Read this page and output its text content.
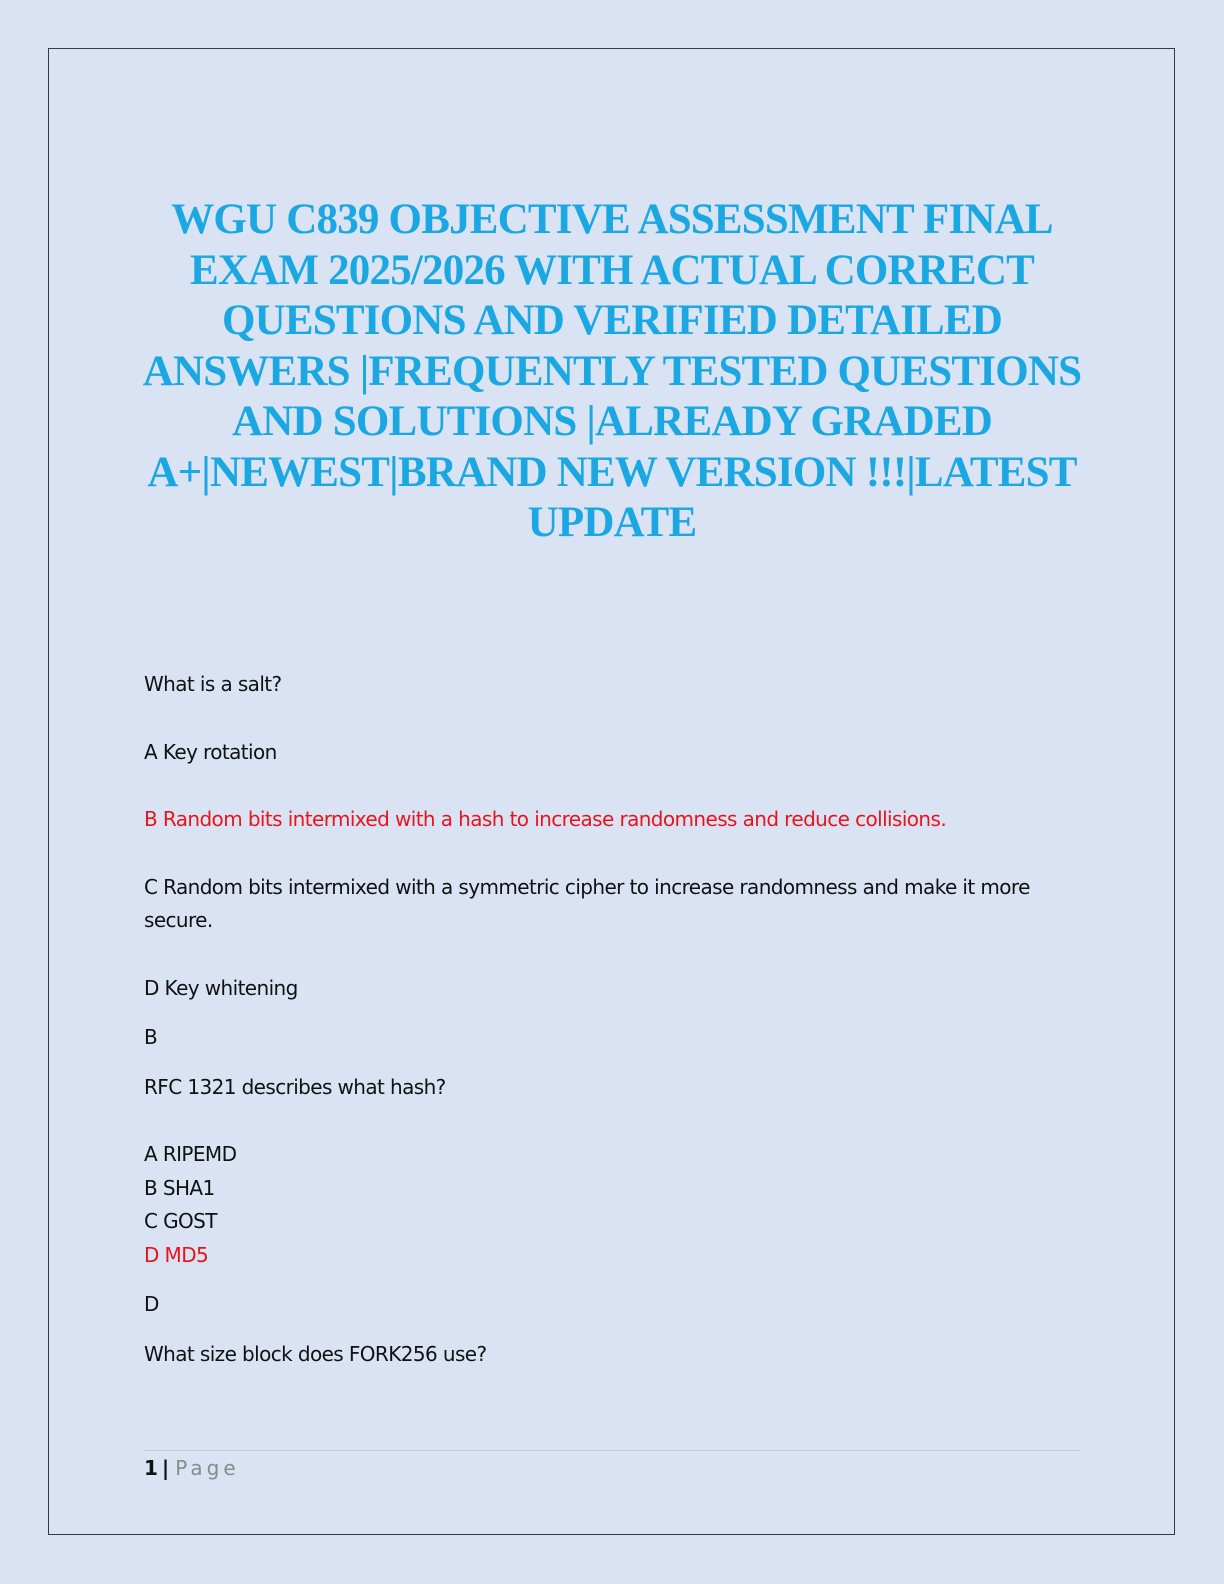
WGU C839 OBJECTIVE ASSESSMENT FINAL EXAM 2025/2026 WITH ACTUAL CORRECT QUESTIONS AND VERIFIED DETAILED ANSWERS |FREQUENTLY TESTED QUESTIONS AND SOLUTIONS |ALREADY GRADED A+|NEWEST|BRAND NEW VERSION !!!|LATEST UPDATE

What is a salt?

A Key rotation

B Random bits intermixed with a hash to increase randomness and reduce collisions.

C Random bits intermixed with a symmetric cipher to increase randomness and make it more secure.

D Key whitening

B

RFC 1321 describes what hash?

A RIPEMD

B SHA1

C GOST

D MD5

D

What size block does FORK256 use?

1 | Page
